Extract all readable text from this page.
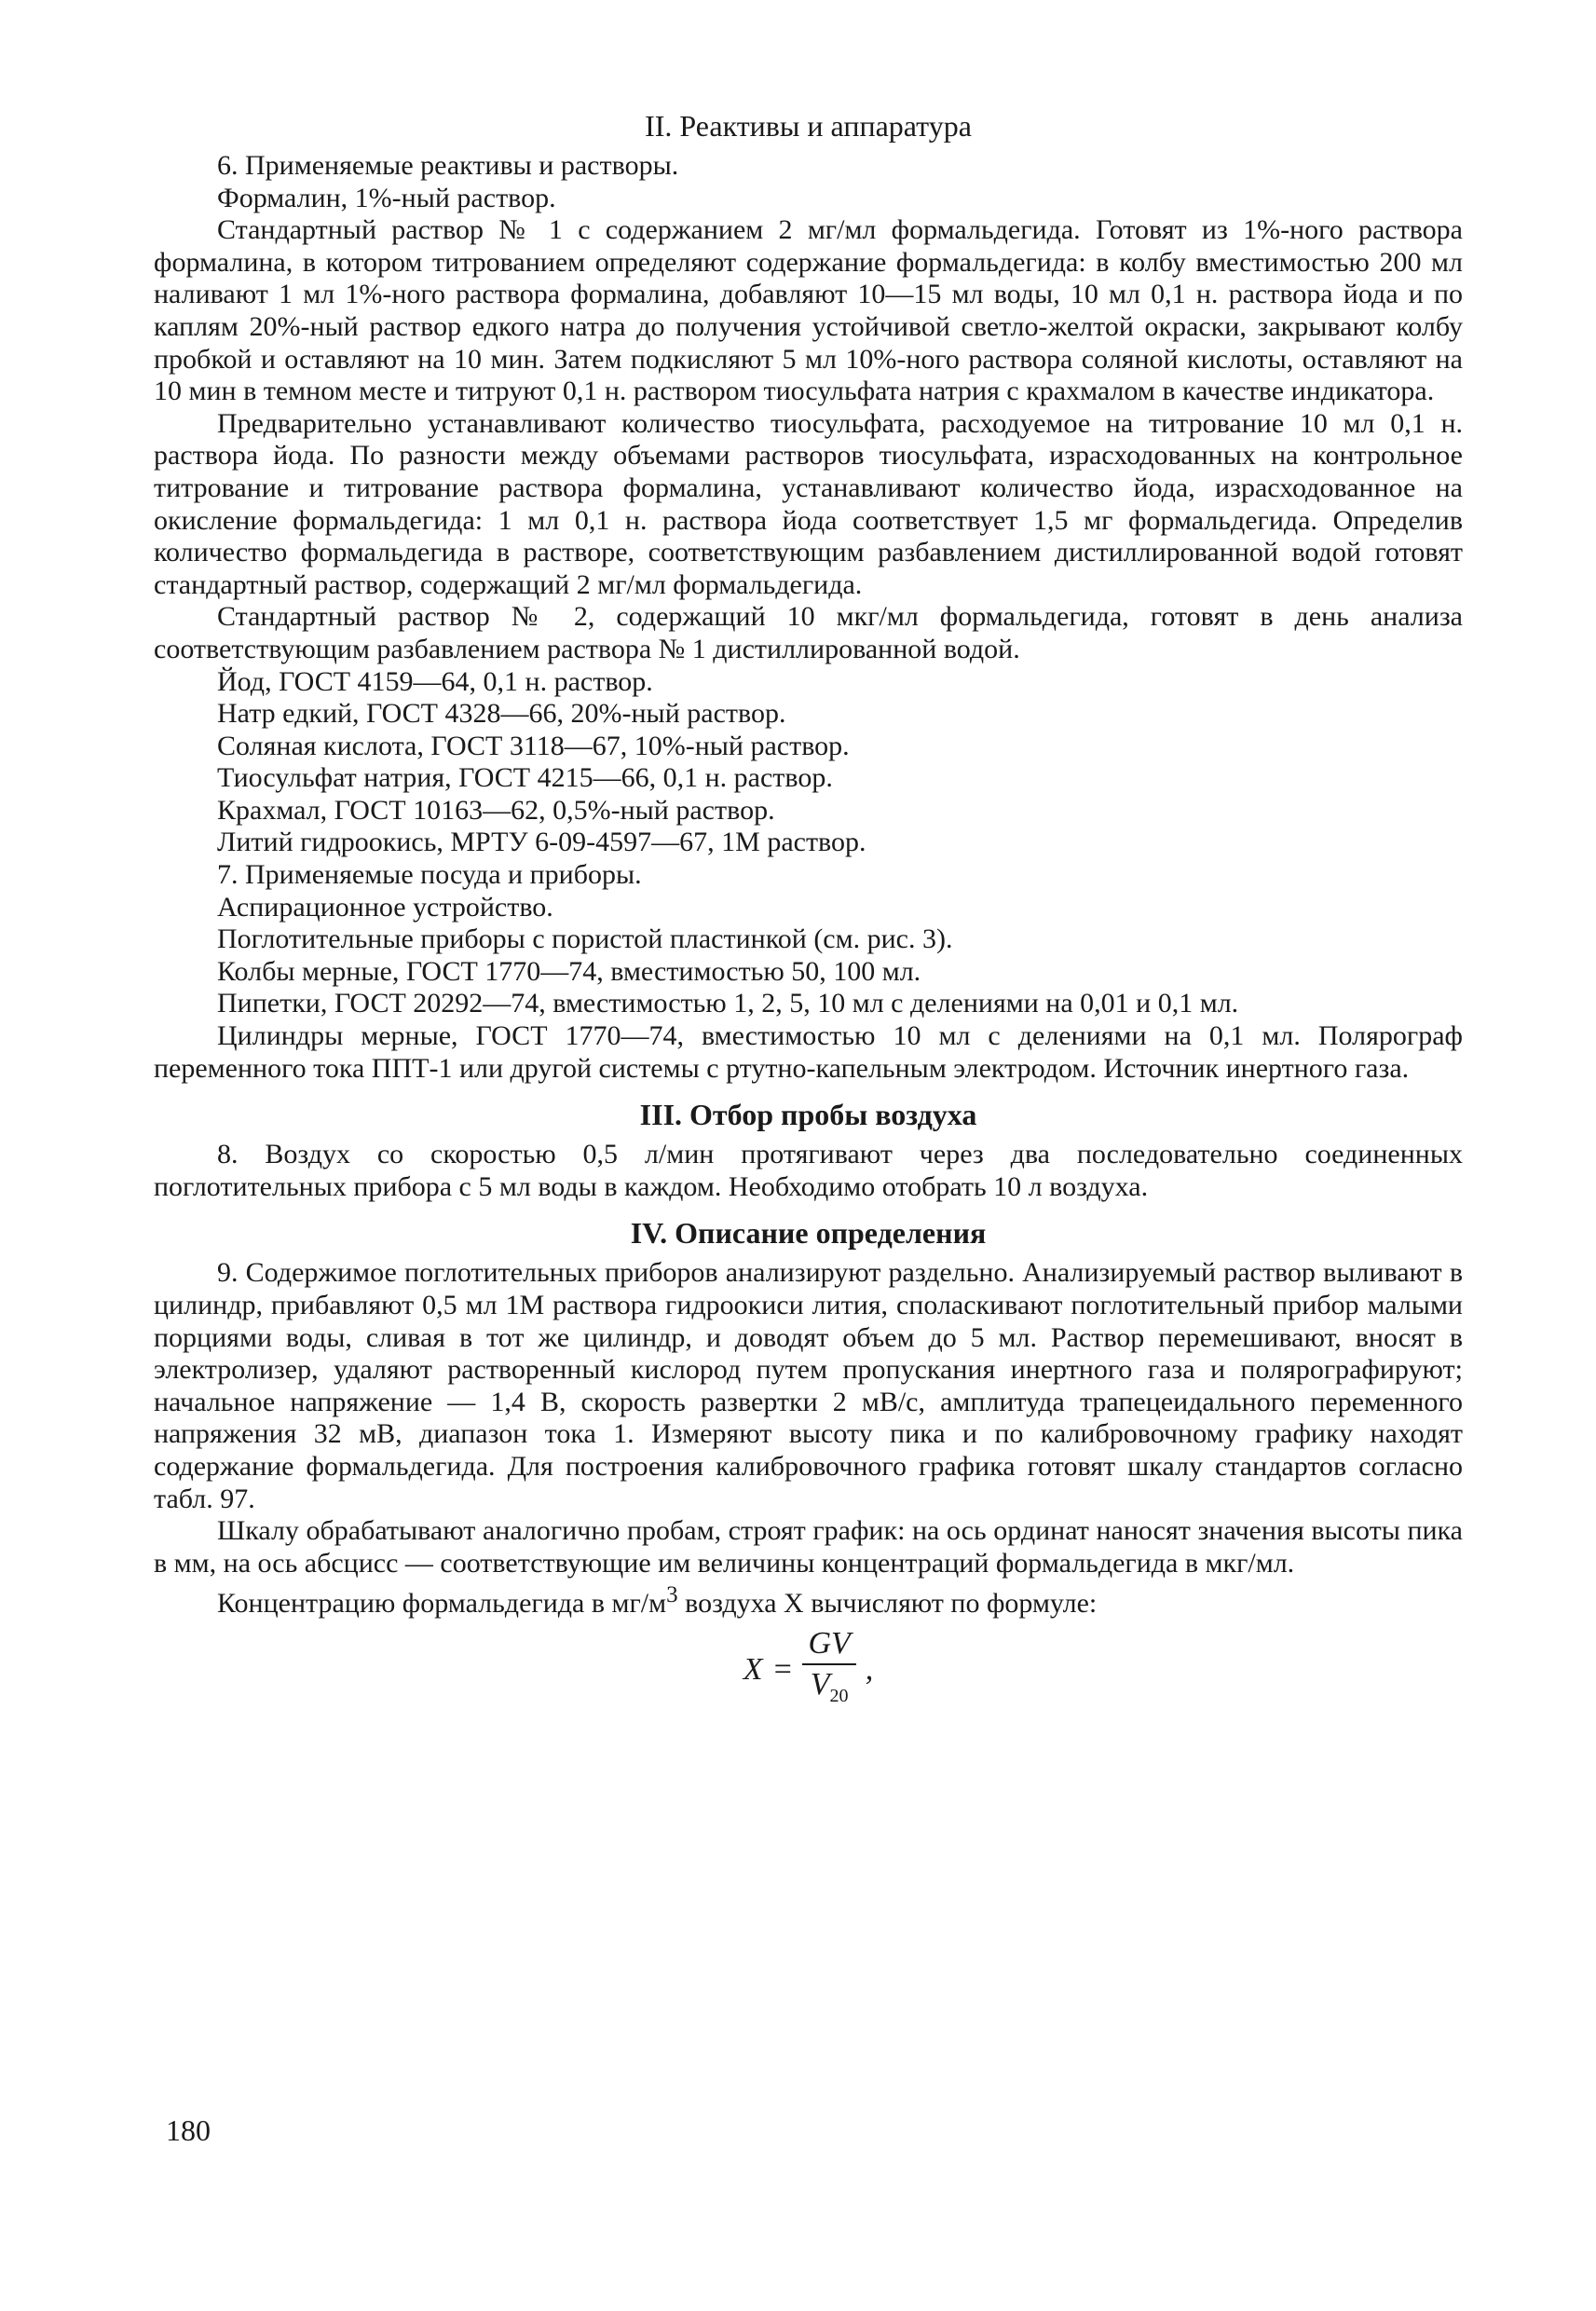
II. Реактивы и аппаратура
6. Применяемые реактивы и растворы.
Формалин, 1%-ный раствор.

Стандартный раствор № 1 с содержанием 2 мг/мл формальдегида. Готовят из 1%-ного раствора формалина, в котором титрованием определяют содержание формальдегида: в колбу вместимостью 200 мл наливают 1 мл 1%-ного раствора формалина, добавляют 10—15 мл воды, 10 мл 0,1 н. раствора йода и по каплям 20%-ный раствор едкого натра до получения устойчивой светло-желтой окраски, закрывают колбу пробкой и оставляют на 10 мин. Затем подкисляют 5 мл 10%-ного раствора соляной кислоты, оставляют на 10 мин в темном месте и титруют 0,1 н. раствором тиосульфата натрия с крахмалом в качестве индикатора.

Предварительно устанавливают количество тиосульфата, расходуемое на титрование 10 мл 0,1 н. раствора йода. По разности между объемами растворов тиосульфата, израсходованных на контрольное титрование и титрование раствора формалина, устанавливают количество йода, израсходованное на окисление формальдегида: 1 мл 0,1 н. раствора йода соответствует 1,5 мг формальдегида. Определив количество формальдегида в растворе, соответствующим разбавлением дистиллированной водой готовят стандартный раствор, содержащий 2 мг/мл формальдегида.

Стандартный раствор № 2, содержащий 10 мкг/мл формальдегида, готовят в день анализа соответствующим разбавлением раствора № 1 дистиллированной водой.

Йод, ГОСТ 4159—64, 0,1 н. раствор.
Натр едкий, ГОСТ 4328—66, 20%-ный раствор.
Соляная кислота, ГОСТ 3118—67, 10%-ный раствор.
Тиосульфат натрия, ГОСТ 4215—66, 0,1 н. раствор.
Крахмал, ГОСТ 10163—62, 0,5%-ный раствор.
Литий гидроокись, МРТУ 6-09-4597—67, 1М раствор.
7. Применяемые посуда и приборы.
Аспирационное устройство.
Поглотительные приборы с пористой пластинкой (см. рис. 3).
Колбы мерные, ГОСТ 1770—74, вместимостью 50, 100 мл.

Пипетки, ГОСТ 20292—74, вместимостью 1, 2, 5, 10 мл с делениями на 0,01 и 0,1 мл.

Цилиндры мерные, ГОСТ 1770—74, вместимостью 10 мл с делениями на 0,1 мл. Полярограф переменного тока ППТ-1 или другой системы с ртутно-капельным электродом. Источник инертного газа.

III. Отбор пробы воздуха

8. Воздух со скоростью 0,5 л/мин протягивают через два последовательно соединенных поглотительных прибора с 5 мл воды в каждом. Необходимо отобрать 10 л воздуха.

IV. Описание определения

9. Содержимое поглотительных приборов анализируют раздельно. Анализируемый раствор выливают в цилиндр, прибавляют 0,5 мл 1М раствора гидроокиси лития, споласкивают поглотительный прибор малыми порциями воды, сливая в тот же цилиндр, и доводят объем до 5 мл. Раствор перемешивают, вносят в электролизер, удаляют растворенный кислород путем пропускания инертного газа и полярографируют; начальное напряжение — 1,4 В, скорость развертки 2 мВ/с, амплитуда трапецеидального переменного напряжения 32 мВ, диапазон тока 1. Измеряют высоту пика и по калибровочному графику находят содержание формальдегида. Для построения калибровочного графика готовят шкалу стандартов согласно табл. 97.

Шкалу обрабатывают аналогично пробам, строят график: на ось ординат наносят значения высоты пика в мм, на ось абсцисс — соответствующие им величины концентраций формальдегида в мкг/мл.

Концентрацию формальдегида в $мг/м^3$ воздуха X вычисляют по формуле:

$X = \frac{GV}{V_{20}}$ ,
180
